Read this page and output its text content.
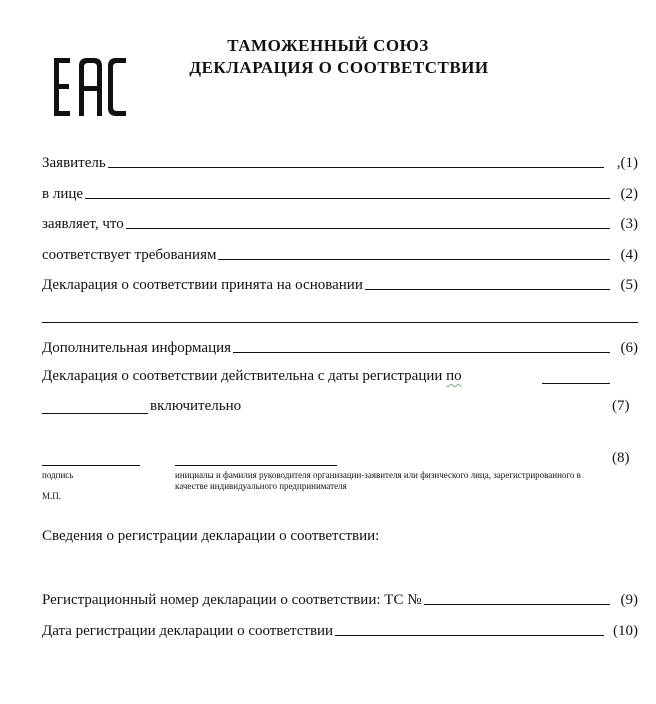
ТАМОЖЕННЫЙ СОЮЗ
ДЕКЛАРАЦИЯ О СООТВЕТСТВИИ
Заявитель	,(1)
в лице	(2)
заявляет, что	(3)
соответствует требованиям	(4)
Декларация о соответствии принята на основании	(5)
Дополнительная информация	(6)
Декларация о соответствии действительна с даты регистрации по
включительно	(7)
(8)
подпись	инициалы и фамилия руководителя организации-заявителя или физического лица, зарегистрированного в качестве индивидуального предпринимателя
М.П.
Сведения о регистрации декларации о соответствии:
Регистрационный номер декларации о соответствии: ТС №	(9)
Дата регистрации декларации о соответствии	(10)
